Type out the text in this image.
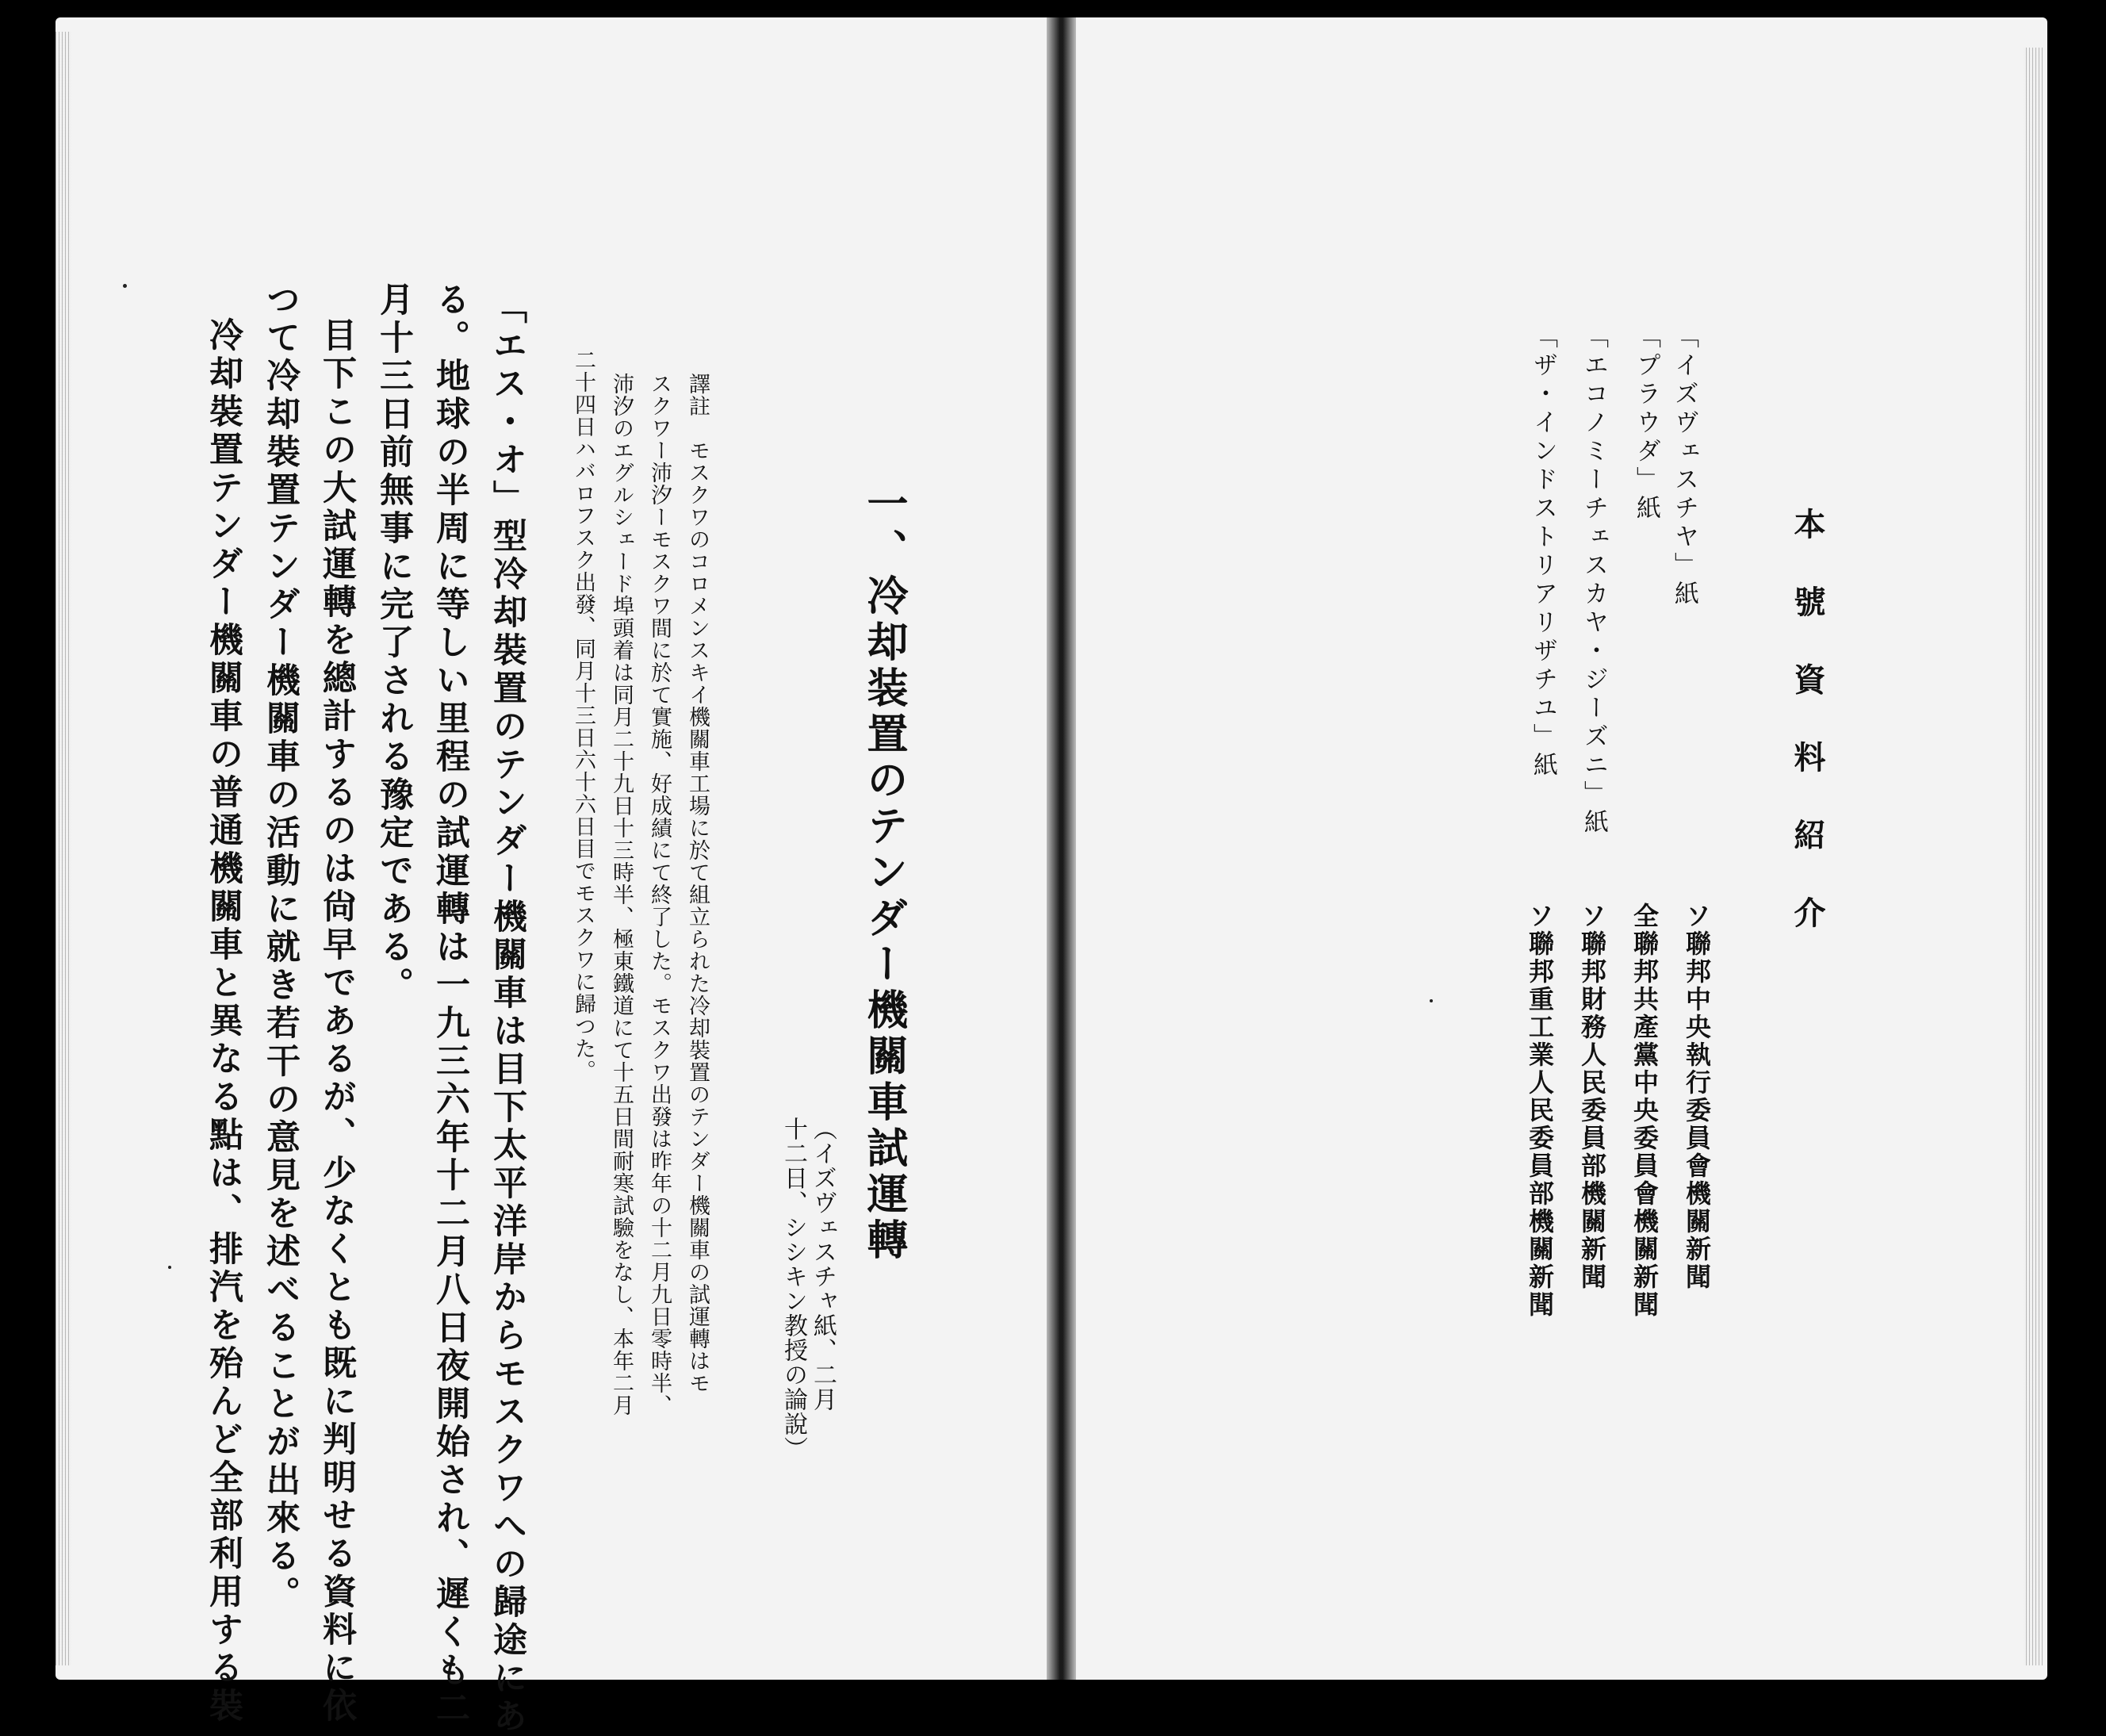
一、冷却装置のテンダー機關車試運轉
（イズヴェスチャ紙、二月
十二日、シシキン教授の論說）
譯註　モスクワのコロメンスキイ機關車工場に於て組立られた冷却裝置のテンダー機關車の試運轉はモ
スクワー沛汐ーモスクワ間に於て實施、好成績にて終了した。モスクワ出發は昨年の十二月九日零時半、
沛汐のエグルシェード埠頭着は同月二十九日十三時半、極東鐵道にて十五日間耐寒試驗をなし、本年二月
二十四日ハバロフスク出發、同月十三日六十六日目でモスクワに歸つた。
「エス・オ」型冷却裝置のテンダー機關車は目下太平洋岸からモスクワへの歸途にあ
る。地球の半周に等しい里程の試運轉は一九三六年十二月八日夜開始され、遲くも二
月十三日前無事に完了される豫定である。
目下この大試運轉を總計するのは尙早であるが、少なくとも既に判明せる資料に依
つて冷却裝置テンダー機關車の活動に就き若干の意見を述べることが出來る。
冷却裝置テンダー機關車の普通機關車と異なる點は、排汽を殆んど全部利用する裝	本號資料紹介
「イズヴェスチヤ」紙
「プラウダ」紙
「エコノミーチェスカヤ・ジーズニ」紙
「ザ・インドストリアリザチユ」紙
ソ聯邦中央執行委員會機關新聞
全聯邦共產黨中央委員會機關新聞
ソ聯邦財務人民委員部機關新聞
ソ聯邦重工業人民委員部機關新聞
